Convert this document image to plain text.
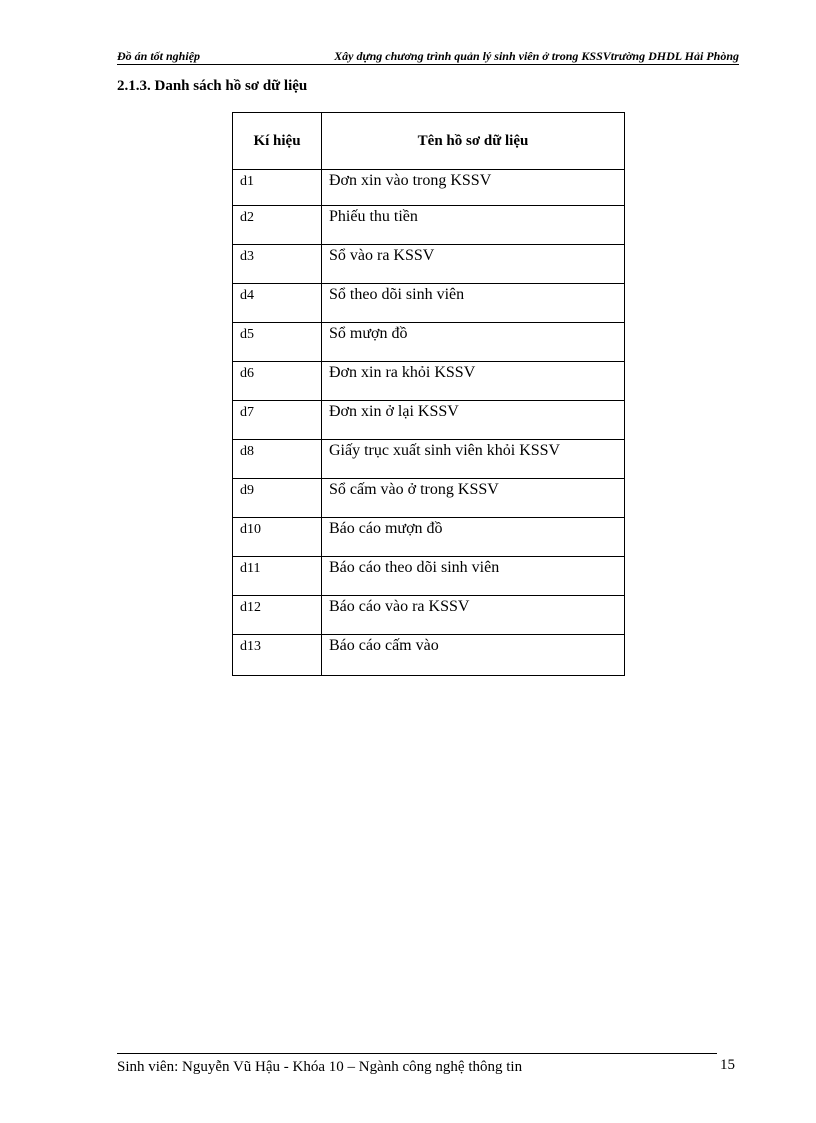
Đồ án tốt nghiệp	Xây dựng chương trình quản lý sinh viên ở trong KSSVtrường DHDL Hải Phòng
2.1.3. Danh sách hồ sơ dữ liệu
Kí hiệu	Tên hồ sơ dữ liệu
d1	Đơn xin vào trong KSSV
d2	Phiếu thu tiền
d3	Sổ vào ra KSSV
d4	Sổ theo dõi sinh viên
d5	Sổ mượn đồ
d6	Đơn xin ra khỏi KSSV
d7	Đơn xin ở lại KSSV
d8	Giấy trục xuất sinh viên khỏi KSSV
d9	Sổ cấm vào ở trong KSSV
d10	Báo cáo mượn đồ
d11	Báo cáo theo dõi sinh viên
d12	Báo cáo vào ra KSSV
d13	Báo cáo cấm vào
Sinh viên: Nguyễn Vũ Hậu - Khóa 10 – Ngành công nghệ thông tin	15
